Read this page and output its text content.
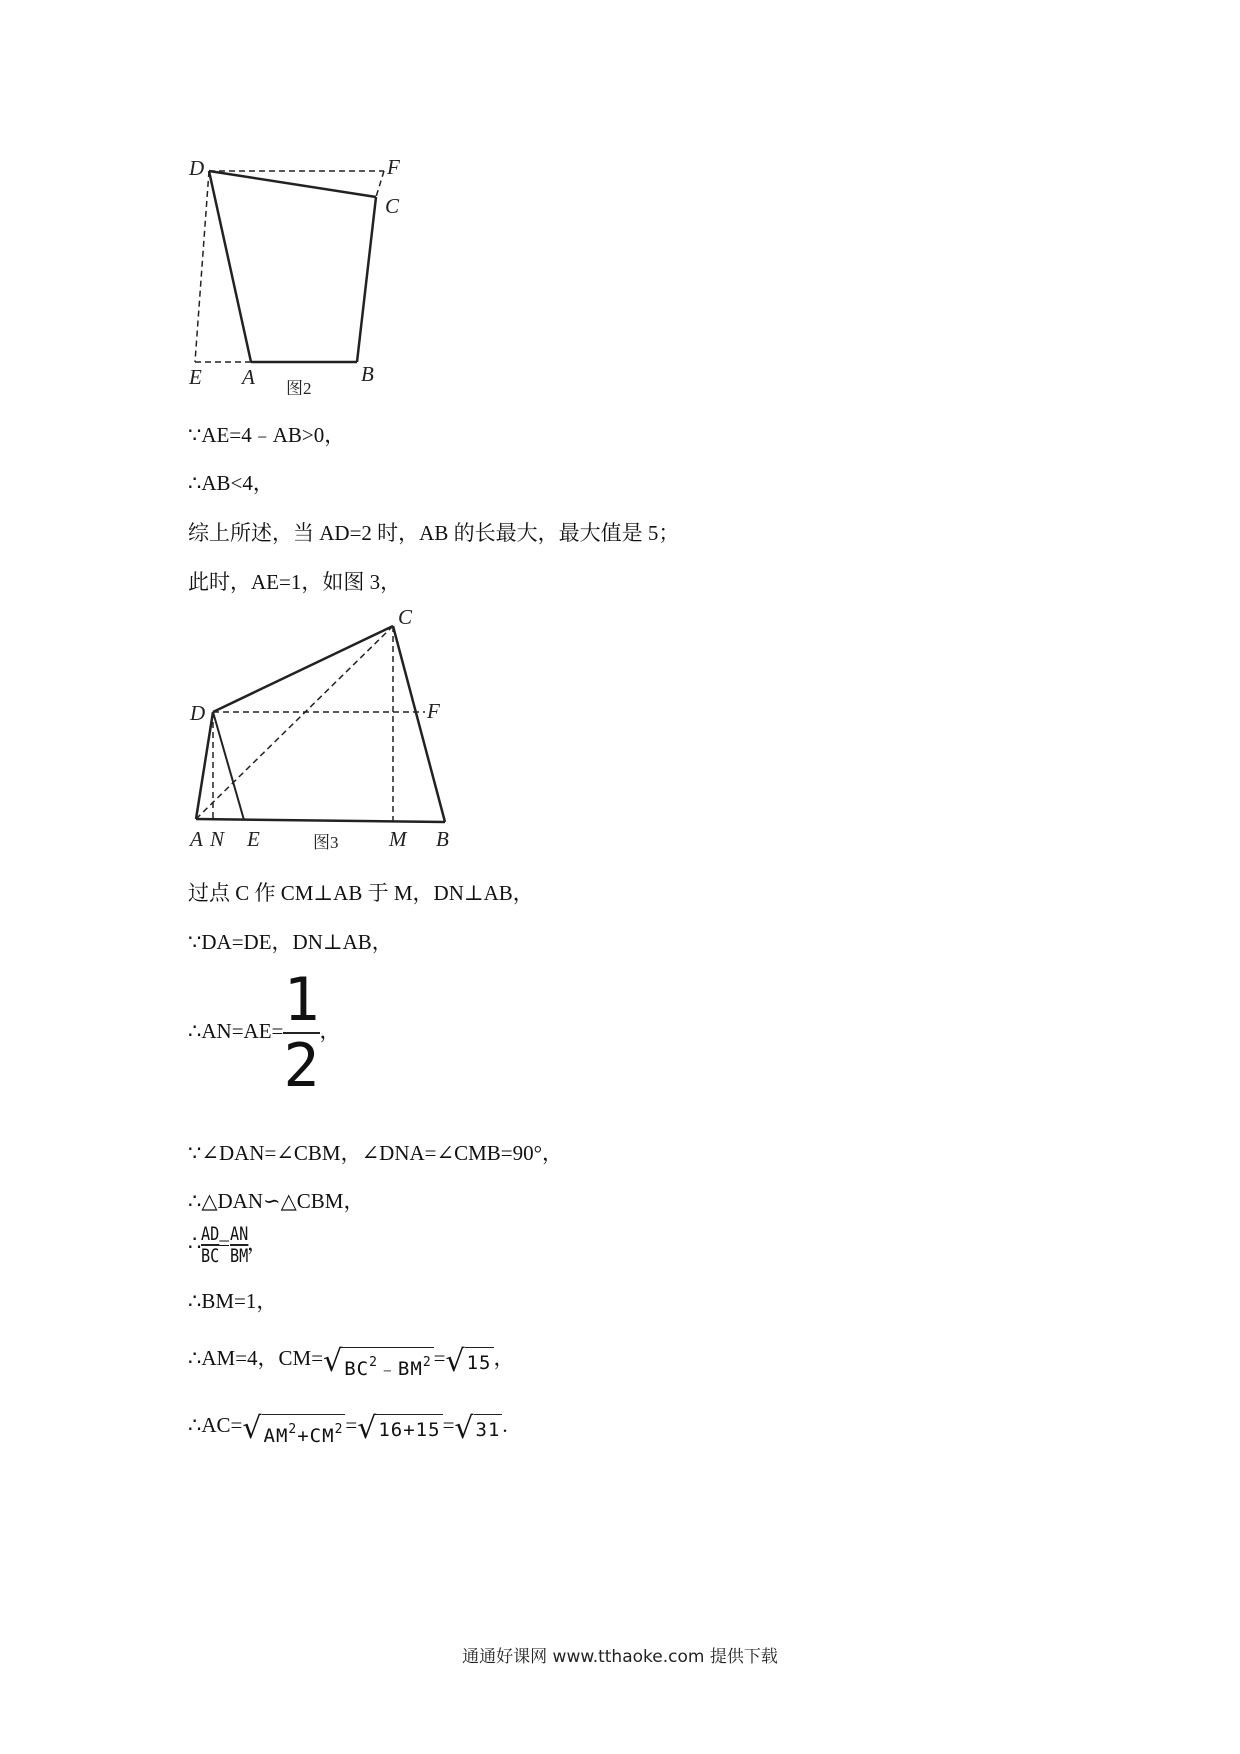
D	F
C
E A	B
图2
C
D	F
A N E	M B
图3
∵AE=4﹣AB>0，
∴AB<4，
综上所述，当 AD=2 时，AB 的长最大，最大值是 5；
此时，AE=1，如图 3，
过点 C 作 CM⊥AB 于 M，DN⊥AB，
∵DA=DE，DN⊥AB，
∴AN=AE= $\frac{1}{2}$ ，
∵∠DAN=∠CBM，∠DNA=∠CMB=90°，
∴△DAN∽△CBM，
∴ $\frac{AD}{BC}$
= $\frac{AN}{BM}$
，
∴BM=1，
∴AM=4，CM= √ $BC^2﹣BM^2$ = √ 15 ，
∴AC= √ $AM^2+CM^2$ = √ 16+15 = √ 31 .
通通好课网 www.tthaoke.com 提供下载
